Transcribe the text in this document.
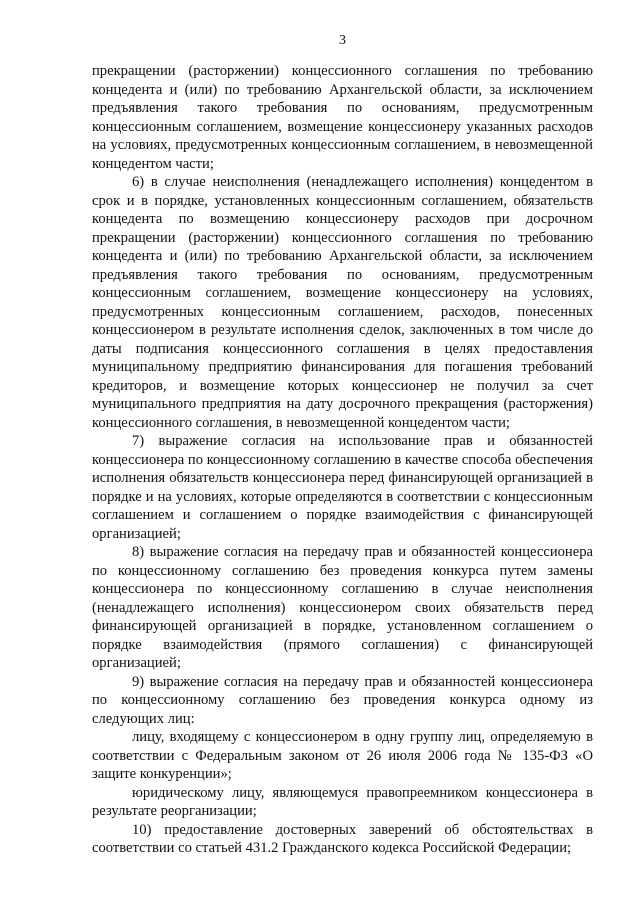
3

прекращении (расторжении) концессионного соглашения по требованию концедента и (или) по требованию Архангельской области, за исключением предъявления такого требования по основаниям, предусмотренным концессионным соглашением, возмещение концессионеру указанных расходов на условиях, предусмотренных концессионным соглашением, в невозмещенной концедентом части;

6) в случае неисполнения (ненадлежащего исполнения) концедентом в срок и в порядке, установленных концессионным соглашением, обязательств концедента по возмещению концессионеру расходов при досрочном прекращении (расторжении) концессионного соглашения по требованию концедента и (или) по требованию Архангельской области, за исключением предъявления такого требования по основаниям, предусмотренным концессионным соглашением, возмещение концессионеру на условиях, предусмотренных концессионным соглашением, расходов, понесенных концессионером в результате исполнения сделок, заключенных в том числе до даты подписания концессионного соглашения в целях предоставления муниципальному предприятию финансирования для погашения требований кредиторов, и возмещение которых концессионер не получил за счет муниципального предприятия на дату досрочного прекращения (расторжения) концессионного соглашения, в невозмещенной концедентом части;

7) выражение согласия на использование прав и обязанностей концессионера по концессионному соглашению в качестве способа обеспечения исполнения обязательств концессионера перед финансирующей организацией в порядке и на условиях, которые определяются в соответствии с концессионным соглашением и соглашением о порядке взаимодействия с финансирующей организацией;

8) выражение согласия на передачу прав и обязанностей концессионера по концессионному соглашению без проведения конкурса путем замены концессионера по концессионному соглашению в случае неисполнения (ненадлежащего исполнения) концессионером своих обязательств перед финансирующей организацией в порядке, установленном соглашением о порядке взаимодействия (прямого соглашения) с финансирующей организацией;

9) выражение согласия на передачу прав и обязанностей концессионера по концессионному соглашению без проведения конкурса одному из следующих лиц:

лицу, входящему с концессионером в одну группу лиц, определяемую в соответствии с Федеральным законом от 26 июля 2006 года № 135-ФЗ «О защите конкуренции»;

юридическому лицу, являющемуся правопреемником концессионера в результате реорганизации;

10) предоставление достоверных заверений об обстоятельствах в соответствии со статьей 431.2 Гражданского кодекса Российской Федерации;
